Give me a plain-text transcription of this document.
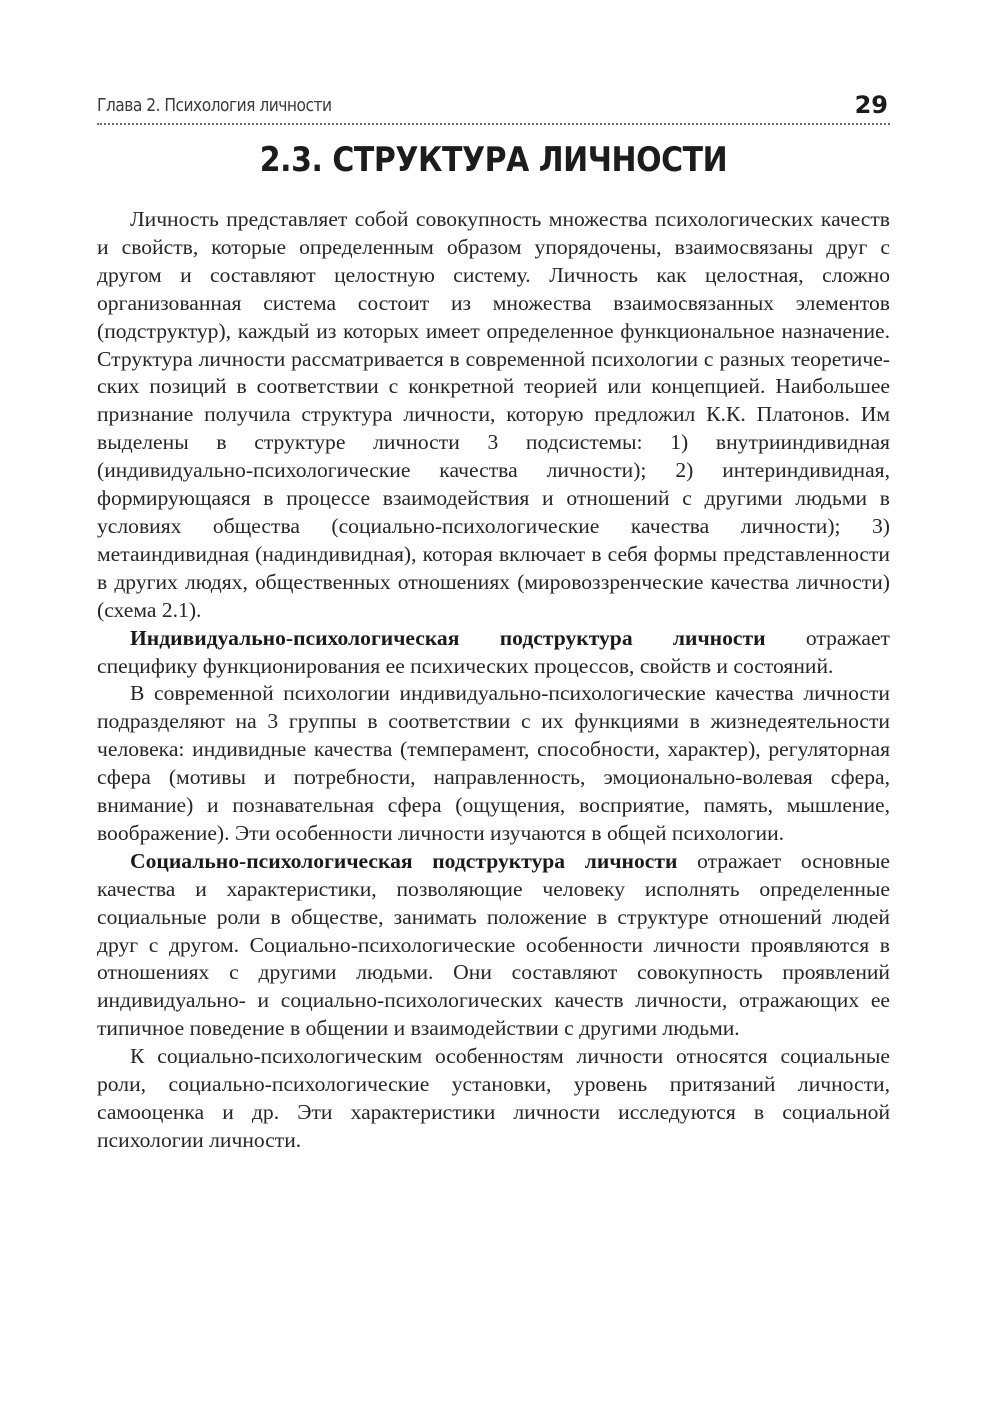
Глава 2. Психология личности	29
2.3. СТРУКТУРА ЛИЧНОСТИ

Личность представляет собой совокупность множества психологических качеств и свойств, которые определенным образом упорядочены, взаимосвязаны друг с другом и составляют целостную систему. Личность как целостная, сложно организованная система состоит из множества взаимосвязанных элементов (подструктур), каждый из которых имеет определенное функциональное назначение. Структура личности рассматривается в современной психологии с разных теоретических позиций в соответствии с конкретной теорией или концепцией. Наибольшее признание получила структура личности, которую предложил К.К. Платонов. Им выделены в структуре личности 3 подсистемы: 1) внутрииндивидная (индивидуально-психологические качества личности); 2) интериндивидная, формирующаяся в процессе взаимодействия и отношений с другими людьми в условиях общества (социально-психологические качества личности); 3) метаиндивидная (надиндивидная), которая включает в себя формы представленности в других людях, общественных отношениях (мировоззренческие качества личности) (схема 2.1).

Индивидуально-психологическая подструктура личности отражает специфику функционирования ее психических процессов, свойств и состояний.

В современной психологии индивидуально-психологические качества личности подразделяют на 3 группы в соответствии с их функциями в жизнедеятельности человека: индивидные качества (темперамент, способности, характер), регуляторная сфера (мотивы и потребности, направленность, эмоционально-волевая сфера, внимание) и познавательная сфера (ощущения, восприятие, память, мышление, воображение). Эти особенности личности изучаются в общей психологии.

Социально-психологическая подструктура личности отражает основные качества и характеристики, позволяющие человеку исполнять определенные социальные роли в обществе, занимать положение в структуре отношений людей друг с другом. Социально-психологические особенности личности проявляются в отношениях с другими людьми. Они составляют совокупность проявлений индивидуально- и социально-психологических качеств личности, отражающих ее типичное поведение в общении и взаимодействии с другими людьми.

К социально-психологическим особенностям личности относятся социальные роли, социально-психологические установки, уровень притязаний личности, самооценка и др. Эти характеристики личности исследуются в социальной психологии личности.
